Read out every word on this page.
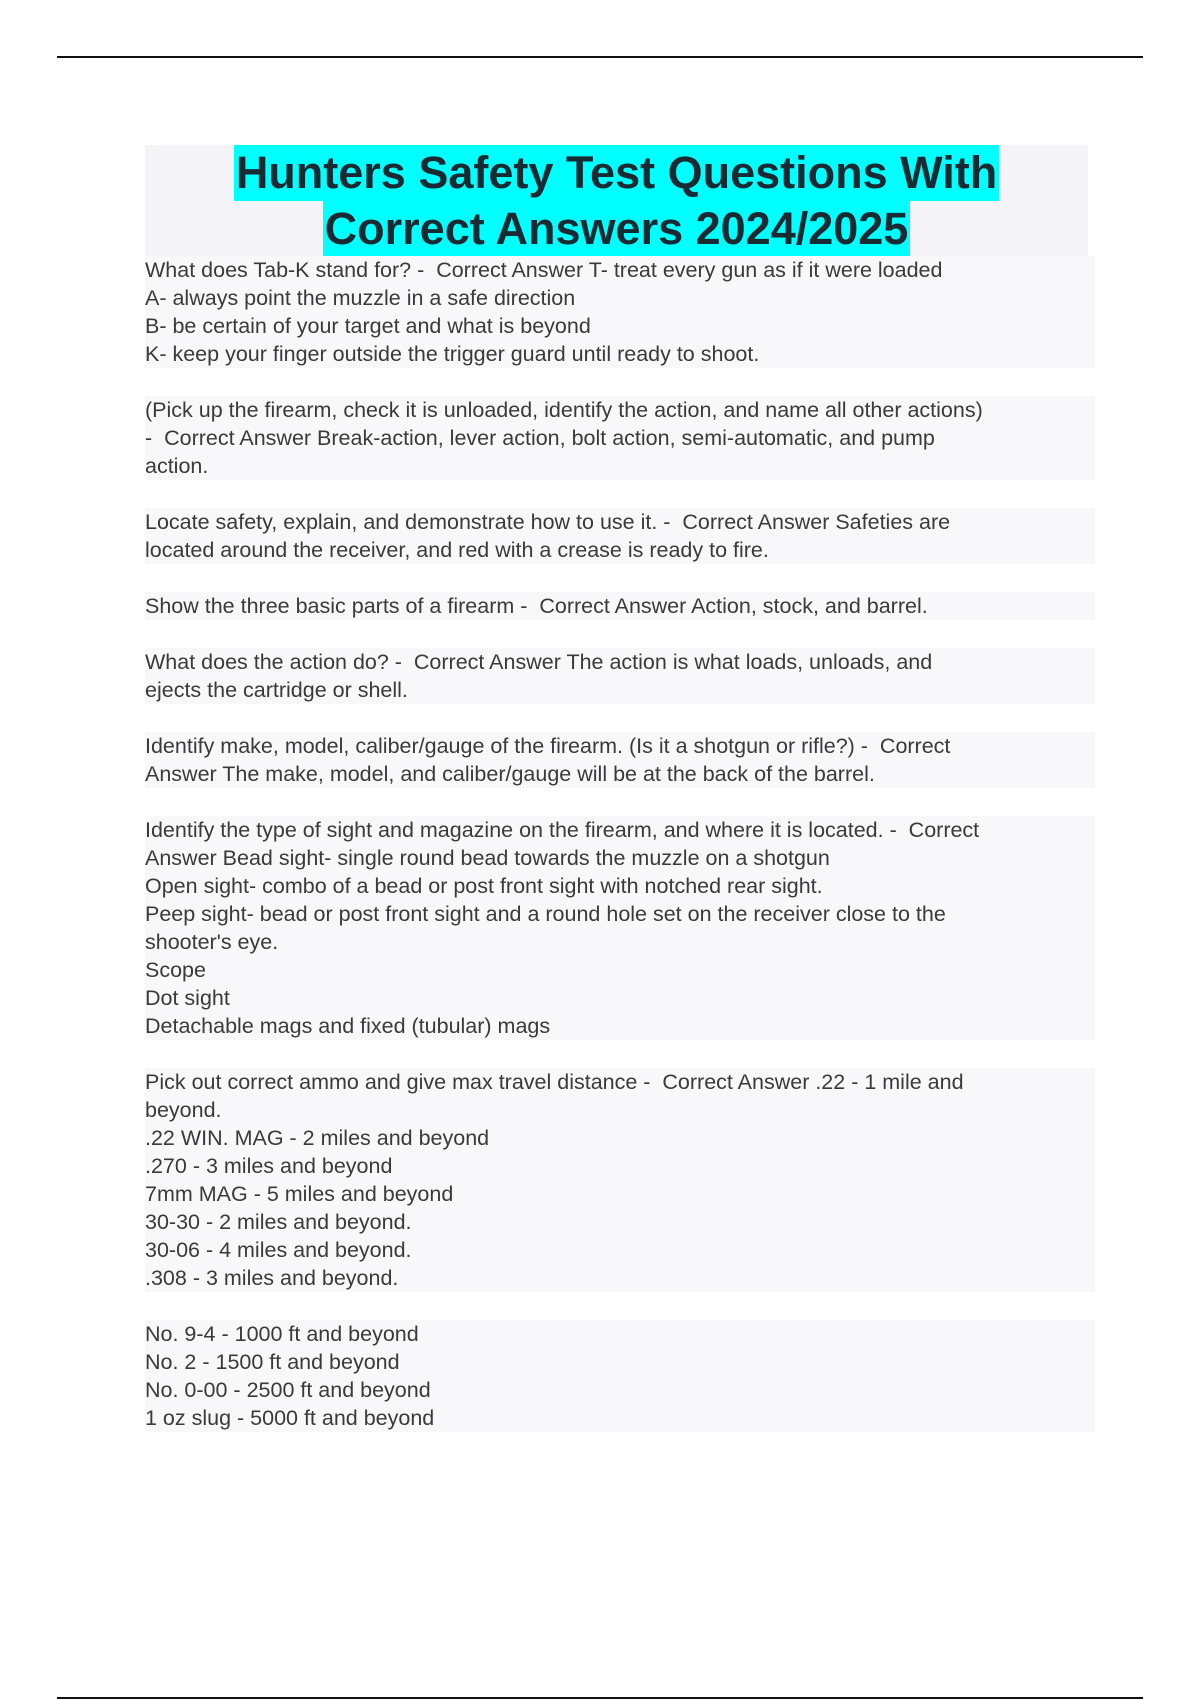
Hunters Safety Test Questions With
Correct Answers 2024/2025
What does Tab-K stand for? -  Correct Answer T- treat every gun as if it were loaded
A- always point the muzzle in a safe direction
B- be certain of your target and what is beyond
K- keep your finger outside the trigger guard until ready to shoot.
(Pick up the firearm, check it is unloaded, identify the action, and name all other actions)
-  Correct Answer Break-action, lever action, bolt action, semi-automatic, and pump
action.
Locate safety, explain, and demonstrate how to use it. -  Correct Answer Safeties are
located around the receiver, and red with a crease is ready to fire.
Show the three basic parts of a firearm -  Correct Answer Action, stock, and barrel.
What does the action do? -  Correct Answer The action is what loads, unloads, and
ejects the cartridge or shell.
Identify make, model, caliber/gauge of the firearm. (Is it a shotgun or rifle?) -  Correct
Answer The make, model, and caliber/gauge will be at the back of the barrel.
Identify the type of sight and magazine on the firearm, and where it is located. -  Correct
Answer Bead sight- single round bead towards the muzzle on a shotgun
Open sight- combo of a bead or post front sight with notched rear sight.
Peep sight- bead or post front sight and a round hole set on the receiver close to the
shooter's eye.
Scope
Dot sight
Detachable mags and fixed (tubular) mags
Pick out correct ammo and give max travel distance -  Correct Answer .22 - 1 mile and
beyond.
.22 WIN. MAG - 2 miles and beyond
.270 - 3 miles and beyond
7mm MAG - 5 miles and beyond
30-30 - 2 miles and beyond.
30-06 - 4 miles and beyond.
.308 - 3 miles and beyond.
No. 9-4 - 1000 ft and beyond
No. 2 - 1500 ft and beyond
No. 0-00 - 2500 ft and beyond
1 oz slug - 5000 ft and beyond
